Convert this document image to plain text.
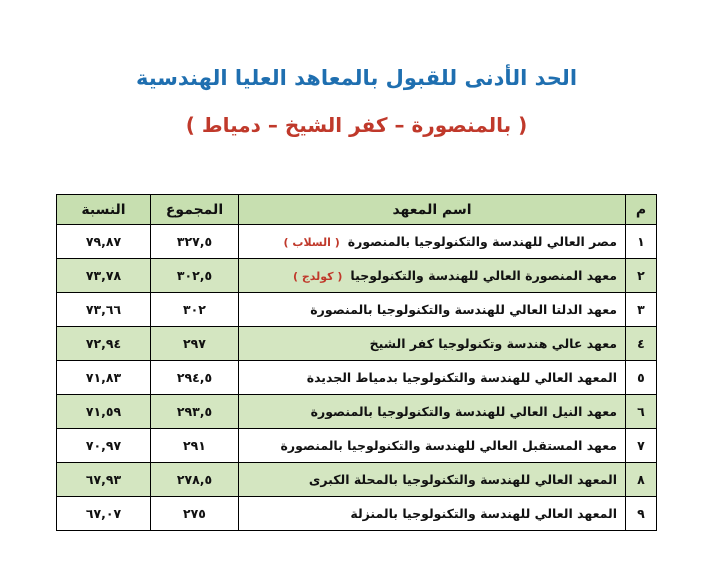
الحد الأدنى للقبول بالمعاهد العليا الهندسية
( بالمنصورة – كفر الشيخ – دمياط )
م	اسم المعهد	المجموع	النسبة
١	مصر العالي للهندسة والتكنولوجيا بالمنصورة( السلاب )	٣٢٧,٥	٧٩,٨٧
٢	معهد المنصورة العالي للهندسة والتكنولوجيا( كولدج )	٣٠٢,٥	٧٣,٧٨
٣	معهد الدلتا العالي للهندسة والتكنولوجيا بالمنصورة	٣٠٢	٧٣,٦٦
٤	معهد عالي هندسة وتكنولوجيا كفر الشيخ	٢٩٧	٧٢,٩٤
٥	المعهد العالي للهندسة والتكنولوجيا بدمياط الجديدة	٢٩٤,٥	٧١,٨٣
٦	معهد النيل العالي للهندسة والتكنولوجيا بالمنصورة	٢٩٣,٥	٧١,٥٩
٧	معهد المستقبل العالي للهندسة والتكنولوجيا بالمنصورة	٢٩١	٧٠,٩٧
٨	المعهد العالي للهندسة والتكنولوجيا بالمحلة الكبرى	٢٧٨,٥	٦٧,٩٣
٩	المعهد العالي للهندسة والتكنولوجيا بالمنزلة	٢٧٥	٦٧,٠٧
